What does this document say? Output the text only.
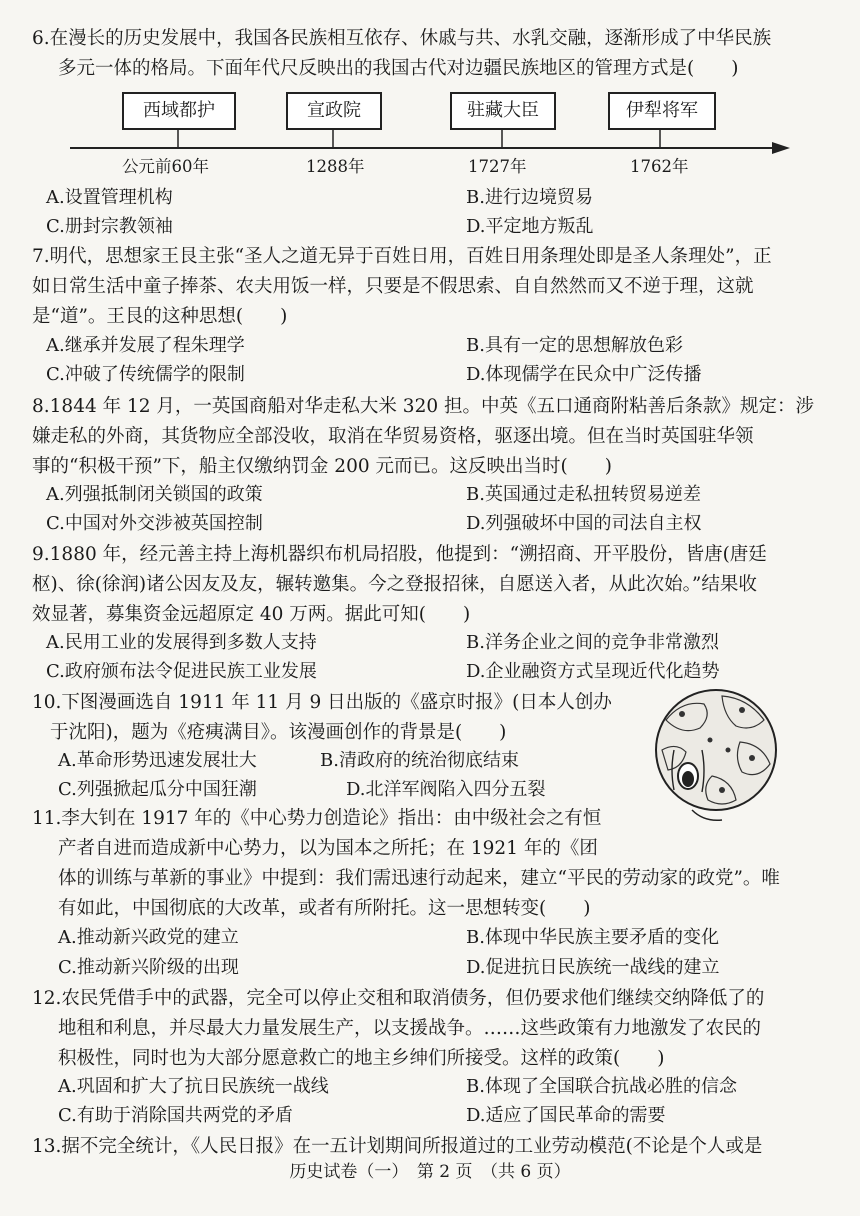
6.在漫长的历史发展中，我国各民族相互依存、休戚与共、水乳交融，逐渐形成了中华民族
多元一体的格局。下面年代尺反映出的我国古代对边疆民族地区的管理方式是(　　)
西域都护	宣政院	驻藏大臣	伊犁将军
公元前60年	1288年	1727年	1762年
A.设置管理机构	B.进行边境贸易
C.册封宗教领袖	D.平定地方叛乱
7.明代，思想家王艮主张“圣人之道无异于百姓日用，百姓日用条理处即是圣人条理处”，正
如日常生活中童子捧茶、农夫用饭一样，只要是不假思索、自自然然而又不逆于理，这就
是“道”。王艮的这种思想(　　)
A.继承并发展了程朱理学	B.具有一定的思想解放色彩
C.冲破了传统儒学的限制	D.体现儒学在民众中广泛传播
8.1844 年 12 月，一英国商船对华走私大米 320 担。中英《五口通商附粘善后条款》规定：涉
嫌走私的外商，其货物应全部没收，取消在华贸易资格，驱逐出境。但在当时英国驻华领
事的“积极干预”下，船主仅缴纳罚金 200 元而已。这反映出当时(　　)
A.列强抵制闭关锁国的政策	B.英国通过走私扭转贸易逆差
C.中国对外交涉被英国控制	D.列强破坏中国的司法自主权
9.1880 年，经元善主持上海机器织布机局招股，他提到：“溯招商、开平股份，皆唐(唐廷
枢)、徐(徐润)诸公因友及友，辗转邀集。今之登报招徕，自愿送入者，从此次始。”结果收
效显著，募集资金远超原定 40 万两。据此可知(　　)
A.民用工业的发展得到多数人支持	B.洋务企业之间的竞争非常激烈
C.政府颁布法令促进民族工业发展	D.企业融资方式呈现近代化趋势
10.下图漫画选自 1911 年 11 月 9 日出版的《盛京时报》(日本人创办
于沈阳)，题为《疮痍满目》。该漫画创作的背景是(　　)
A.革命形势迅速发展壮大	B.清政府的统治彻底结束
C.列强掀起瓜分中国狂潮	D.北洋军阀陷入四分五裂
11.李大钊在 1917 年的《中心势力创造论》指出：由中级社会之有恒
产者自进而造成新中心势力，以为国本之所托；在 1921 年的《团
体的训练与革新的事业》中提到：我们需迅速行动起来，建立“平民的劳动家的政党”。唯
有如此，中国彻底的大改革，或者有所附托。这一思想转变(　　)
A.推动新兴政党的建立	B.体现中华民族主要矛盾的变化
C.推动新兴阶级的出现	D.促进抗日民族统一战线的建立
12.农民凭借手中的武器，完全可以停止交租和取消债务，但仍要求他们继续交纳降低了的
地租和利息，并尽最大力量发展生产，以支援战争。……这些政策有力地激发了农民的
积极性，同时也为大部分愿意救亡的地主乡绅们所接受。这样的政策(　　)
A.巩固和扩大了抗日民族统一战线	B.体现了全国联合抗战必胜的信念
C.有助于消除国共两党的矛盾	D.适应了国民革命的需要
13.据不完全统计，《人民日报》在一五计划期间所报道过的工业劳动模范(不论是个人或是
历史试卷（一）　第 2 页　（共 6 页）
